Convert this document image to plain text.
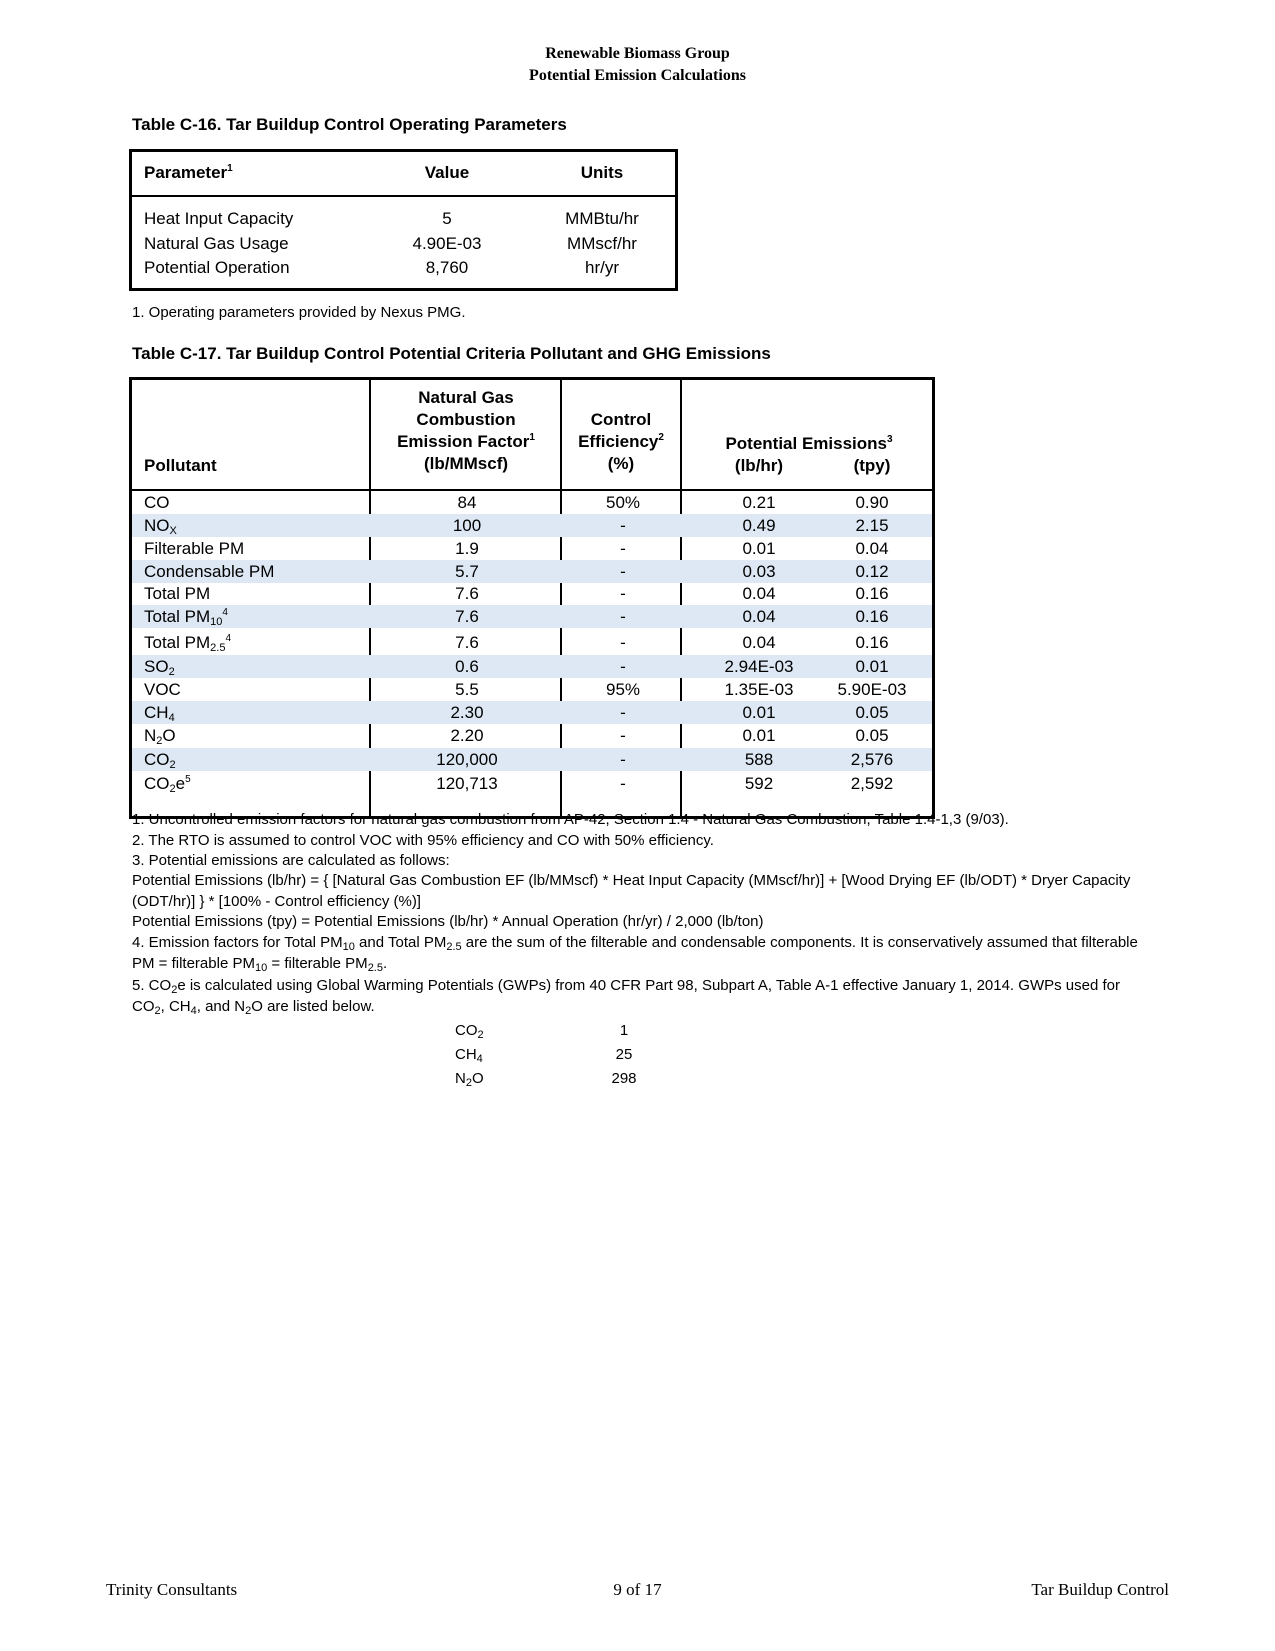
Renewable Biomass Group
Potential Emission Calculations
Table C-16. Tar Buildup Control Operating Parameters
Parameter$^1$	Value	Units
Heat Input Capacity	5	MMBtu/hr
Natural Gas Usage	4.90E-03	MMscf/hr
Potential Operation	8,760	hr/yr
1. Operating parameters provided by Nexus PMG.
Table C-17. Tar Buildup Control Potential Criteria Pollutant and GHG Emissions
Pollutant
Natural Gas
Combustion
Emission Factor$^1$
(lb/MMscf)
Control
Efficiency$^2$
(%)
Potential Emissions$^3$
(lb/hr)	(tpy)
CO	84	50%	0.21	0.90
$NO_X$	100	-	0.49	2.15
Filterable PM	1.9	-	0.01	0.04
Condensable PM	5.7	-	0.03	0.12
Total PM	7.6	-	0.04	0.16
Total $PM_{10}^4$	7.6	-	0.04	0.16
Total $PM_{2.5}^4$	7.6	-	0.04	0.16
$SO_2$	0.6	-	2.94E-03	0.01
VOC	5.5	95%	1.35E-03	5.90E-03
$CH_4$	2.30	-	0.01	0.05
$N_2O$	2.20	-	0.01	0.05
$CO_2$	120,000	-	588	2,576
$CO_2e^5$	120,713	-	592	2,592
1. Uncontrolled emission factors for natural gas combustion from AP-42, Section 1.4 - Natural Gas Combustion, Table 1.4-1,3 (9/03).
2. The RTO is assumed to control VOC with 95% efficiency and CO with 50% efficiency.
3. Potential emissions are calculated as follows:
Potential Emissions (lb/hr) = { [Natural Gas Combustion EF (lb/MMscf) * Heat Input Capacity (MMscf/hr)] + [Wood Drying EF (lb/ODT) * Dryer Capacity (ODT/hr)] } * [100% - Control efficiency (%)]
Potential Emissions (tpy) = Potential Emissions (lb/hr) * Annual Operation (hr/yr) / 2,000 (lb/ton)
4. Emission factors for Total $PM_{10}$ and Total $PM_{2.5}$ are the sum of the filterable and condensable components. It is conservatively assumed that filterable PM = filterable $PM_{10}$ = filterable $PM_{2.5}$.
5. $CO_2e$ is calculated using Global Warming Potentials (GWPs) from 40 CFR Part 98, Subpart A, Table A-1 effective January 1, 2014. GWPs used for $CO_2$, $CH_4$, and $N_2O$ are listed below.
$CO_2$	1
$CH_4$	25
$N_2O$	298
Trinity Consultants	9 of 17	Tar Buildup Control
